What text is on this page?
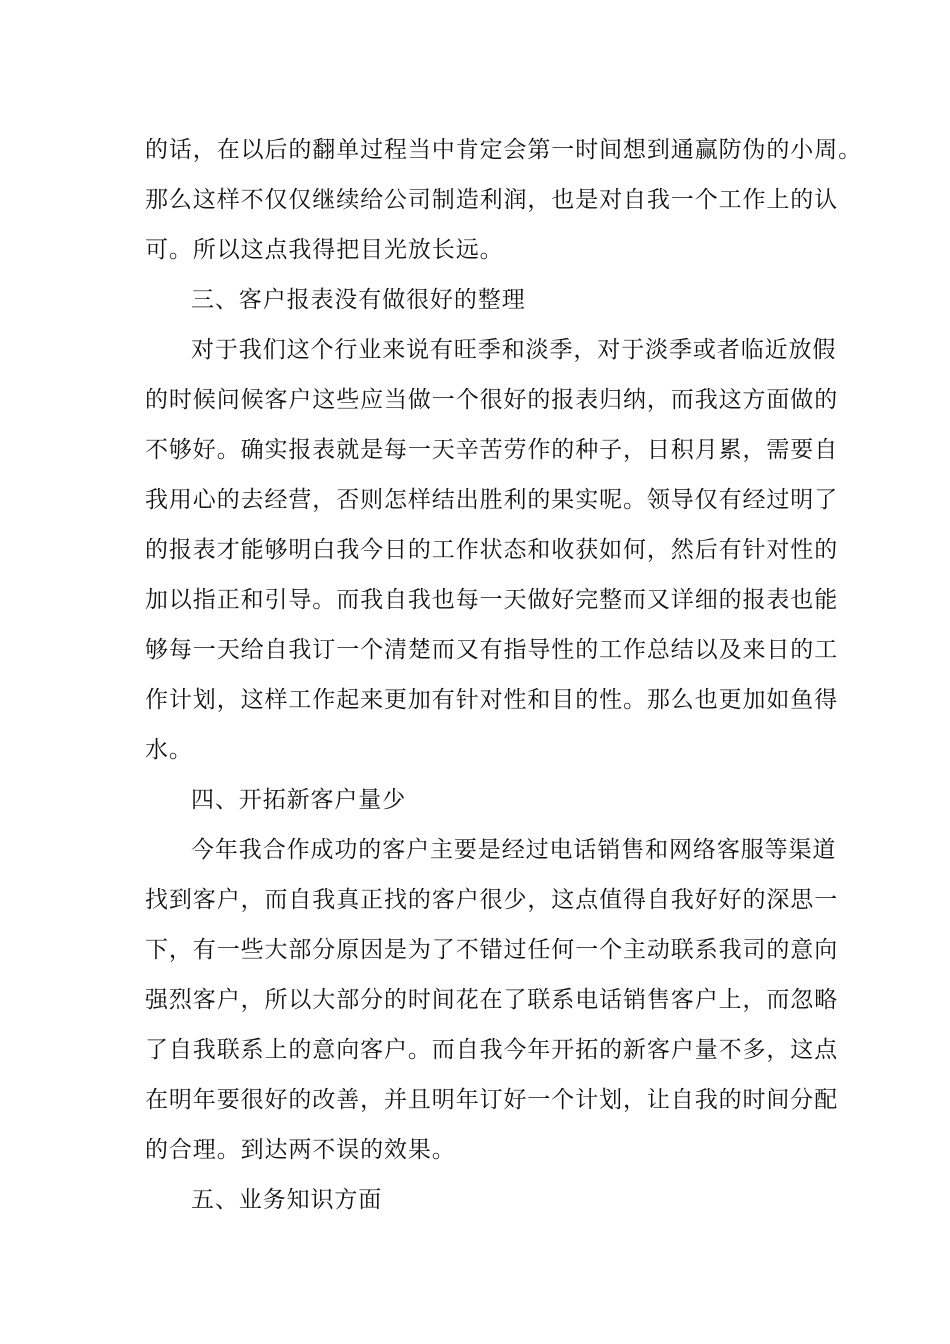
的话，在以后的翻单过程当中肯定会第一时间想到通赢防伪的小周。
那么这样不仅仅继续给公司制造利润，也是对自我一个工作上的认
可。所以这点我得把目光放长远。
三、客户报表没有做很好的整理
对于我们这个行业来说有旺季和淡季，对于淡季或者临近放假
的时候问候客户这些应当做一个很好的报表归纳，而我这方面做的
不够好。确实报表就是每一天辛苦劳作的种子，日积月累，需要自
我用心的去经营，否则怎样结出胜利的果实呢。领导仅有经过明了
的报表才能够明白我今日的工作状态和收获如何，然后有针对性的
加以指正和引导。而我自我也每一天做好完整而又详细的报表也能
够每一天给自我订一个清楚而又有指导性的工作总结以及来日的工
作计划，这样工作起来更加有针对性和目的性。那么也更加如鱼得
水。
四、开拓新客户量少
今年我合作成功的客户主要是经过电话销售和网络客服等渠道
找到客户，而自我真正找的客户很少，这点值得自我好好的深思一
下，有一些大部分原因是为了不错过任何一个主动联系我司的意向
强烈客户，所以大部分的时间花在了联系电话销售客户上，而忽略
了自我联系上的意向客户。而自我今年开拓的新客户量不多，这点
在明年要很好的改善，并且明年订好一个计划，让自我的时间分配
的合理。到达两不误的效果。
五、业务知识方面
